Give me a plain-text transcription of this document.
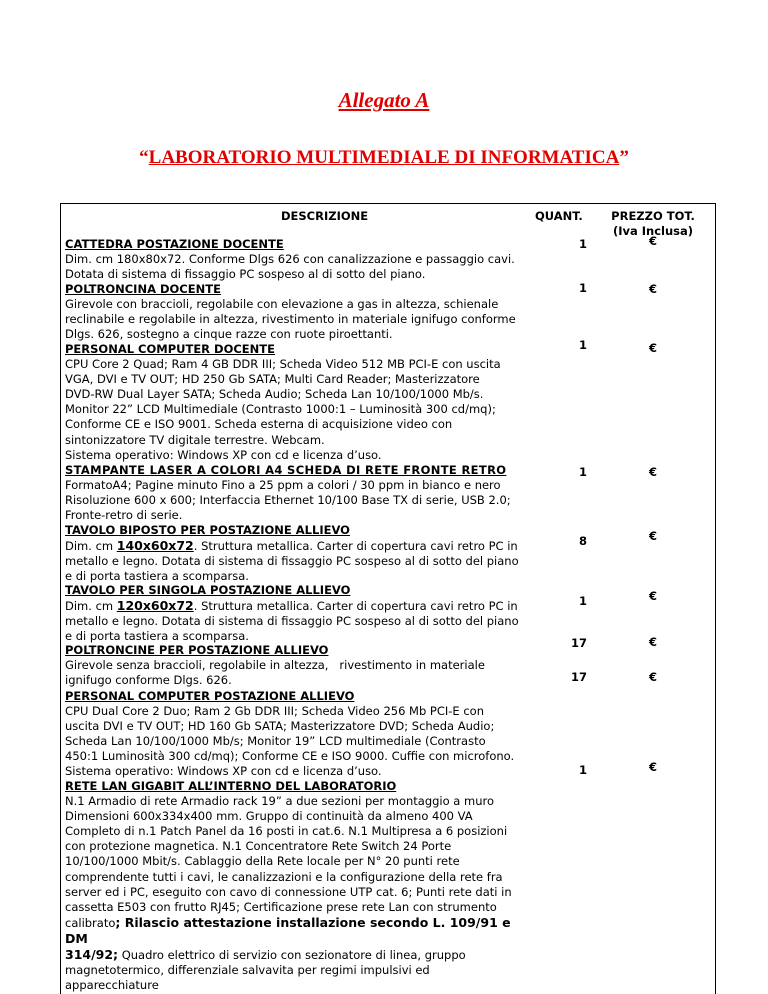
Allegato A
“LABORATORIO MULTIMEDIALE DI INFORMATICA”
DESCRIZIONE	QUANT.	PREZZO TOT.
(Iva Inclusa)
CATTEDRA POSTAZIONE DOCENTE
Dim. cm 180x80x72. Conforme Dlgs 626 con canalizzazione e passaggio cavi.
Dotata di sistema di fissaggio PC sospeso al di sotto del piano.
1	€
POLTRONCINA DOCENTE
Girevole con braccioli, regolabile con elevazione a gas in altezza, schienale
reclinabile e regolabile in altezza, rivestimento in materiale ignifugo conforme
Dlgs. 626, sostegno a cinque razze con ruote piroettanti.
1	€
PERSONAL COMPUTER DOCENTE
CPU Core 2 Quad; Ram 4 GB DDR III; Scheda Video 512 MB PCI-E con uscita
VGA, DVI e TV OUT; HD 250 Gb SATA; Multi Card Reader; Masterizzatore
DVD-RW Dual Layer SATA; Scheda Audio; Scheda Lan 10/100/1000 Mb/s.
Monitor 22” LCD Multimediale (Contrasto 1000:1 – Luminosità 300 cd/mq);
Conforme CE e ISO 9001. Scheda esterna di acquisizione video con
sintonizzatore TV digitale terrestre. Webcam.
Sistema operativo: Windows XP con cd e licenza d’uso.
1	€
STAMPANTE LASER A COLORI A4 SCHEDA DI RETE FRONTE RETRO
FormatoA4; Pagine minuto Fino a 25 ppm a colori / 30 ppm in bianco e nero
Risoluzione 600 x 600; Interfaccia Ethernet 10/100 Base TX di serie, USB 2.0;
Fronte-retro di serie.
1	€
TAVOLO BIPOSTO PER POSTAZIONE ALLIEVO
Dim. cm 140x60x72. Struttura metallica. Carter di copertura cavi retro PC in
metallo e legno. Dotata di sistema di fissaggio PC sospeso al di sotto del piano
e di porta tastiera a scomparsa.
8	€
TAVOLO PER SINGOLA POSTAZIONE ALLIEVO
Dim. cm 120x60x72. Struttura metallica. Carter di copertura cavi retro PC in
metallo e legno. Dotata di sistema di fissaggio PC sospeso al di sotto del piano
e di porta tastiera a scomparsa.
1	€
POLTRONCINE PER POSTAZIONE ALLIEVO
Girevole senza braccioli, regolabile in altezza,   rivestimento in materiale
ignifugo conforme Dlgs. 626.
17	€
PERSONAL COMPUTER POSTAZIONE ALLIEVO
CPU Dual Core 2 Duo; Ram 2 Gb DDR III; Scheda Video 256 Mb PCI-E con
uscita DVI e TV OUT; HD 160 Gb SATA; Masterizzatore DVD; Scheda Audio;
Scheda Lan 10/100/1000 Mb/s; Monitor 19” LCD multimediale (Contrasto
450:1 Luminosità 300 cd/mq); Conforme CE e ISO 9000. Cuffie con microfono.
Sistema operativo: Windows XP con cd e licenza d’uso.
17	€
RETE LAN GIGABIT ALL’INTERNO DEL LABORATORIO
N.1 Armadio di rete Armadio rack 19” a due sezioni per montaggio a muro
Dimensioni 600x334x400 mm. Gruppo di continuità da almeno 400 VA
Completo di n.1 Patch Panel da 16 posti in cat.6. N.1 Multipresa a 6 posizioni
con protezione magnetica. N.1 Concentratore Rete Switch 24 Porte
10/100/1000 Mbit/s. Cablaggio della Rete locale per N° 20 punti rete
comprendente tutti i cavi, le canalizzazioni e la configurazione della rete fra
server ed i PC, eseguito con cavo di connessione UTP cat. 6; Punti rete dati in
cassetta E503 con frutto RJ45; Certificazione prese rete Lan con strumento
calibrato; Rilascio attestazione installazione secondo L. 109/91 e DM
314/92; Quadro elettrico di servizio con sezionatore di linea, gruppo
magnetotermico, differenziale salvavita per regimi impulsivi ed apparecchiature
1	€
